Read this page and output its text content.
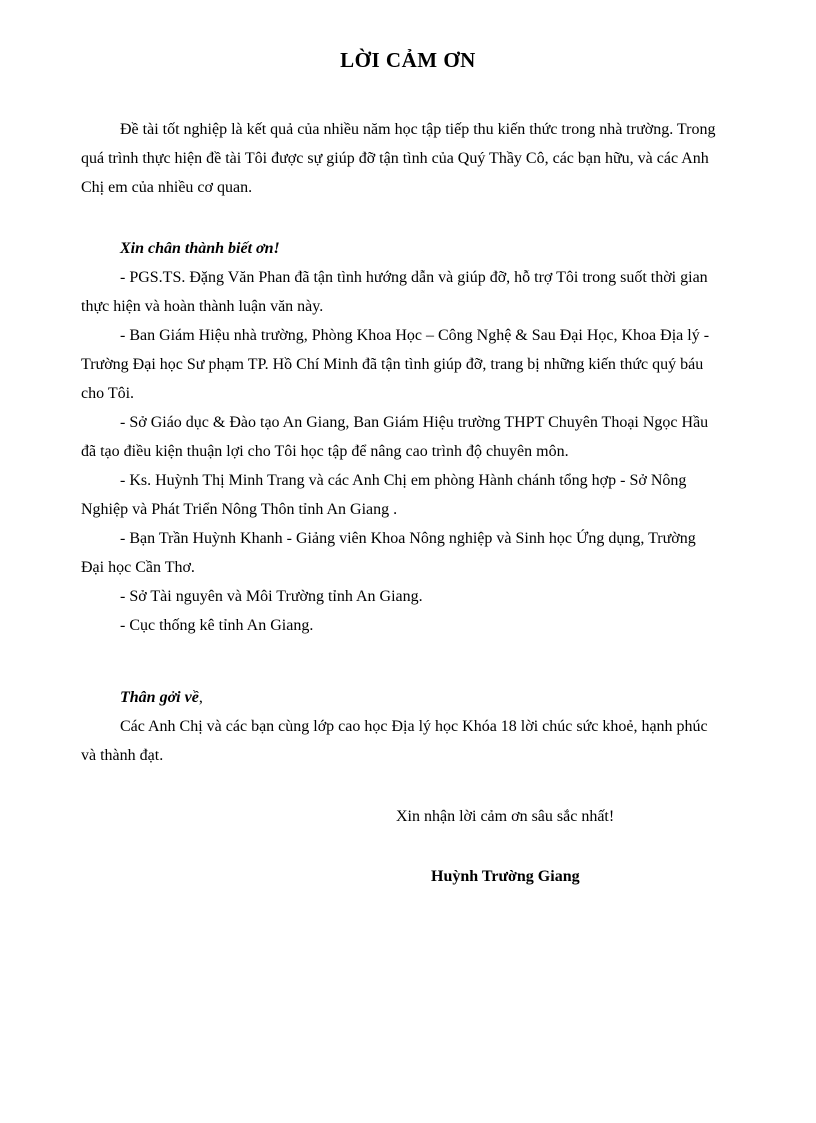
LỜI CẢM ƠN

Đề tài tốt nghiệp là kết quả của nhiều năm học tập tiếp thu kiến thức trong nhà trường. Trong

quá trình thực hiện đề tài Tôi được sự giúp đỡ tận tình của Quý Thầy Cô, các bạn hữu, và các Anh

Chị em của nhiều cơ quan.

Xin chân thành biết ơn!

- PGS.TS. Đặng Văn Phan đã tận tình hướng dẫn và giúp đỡ, hỗ trợ Tôi trong suốt thời gian

thực hiện và hoàn thành luận văn này.

- Ban Giám Hiệu nhà trường, Phòng Khoa Học – Công Nghệ & Sau Đại Học, Khoa Địa lý -

Trường Đại học Sư phạm TP. Hồ Chí Minh đã tận tình giúp đỡ, trang bị những kiến thức quý báu

cho Tôi.

- Sở Giáo dục & Đào tạo An Giang, Ban Giám Hiệu trường THPT Chuyên Thoại Ngọc Hầu

đã tạo điều kiện thuận lợi cho Tôi học tập để nâng cao trình độ chuyên môn.

- Ks. Huỳnh Thị Minh Trang và các Anh Chị em phòng Hành chánh tổng hợp - Sở Nông

Nghiệp và Phát Triển Nông Thôn tỉnh An Giang .

- Bạn Trần Huỳnh Khanh - Giảng viên Khoa Nông nghiệp và Sinh học Ứng dụng, Trường

Đại học Cần Thơ.

- Sở Tài nguyên và Môi Trường tỉnh An Giang.

- Cục thống kê tỉnh An Giang.

Thân gởi về,

Các Anh Chị và các bạn cùng lớp cao học Địa lý học Khóa 18 lời chúc sức khoẻ, hạnh phúc

và thành đạt.

Xin nhận lời cảm ơn sâu sắc nhất!
Huỳnh Trường Giang
